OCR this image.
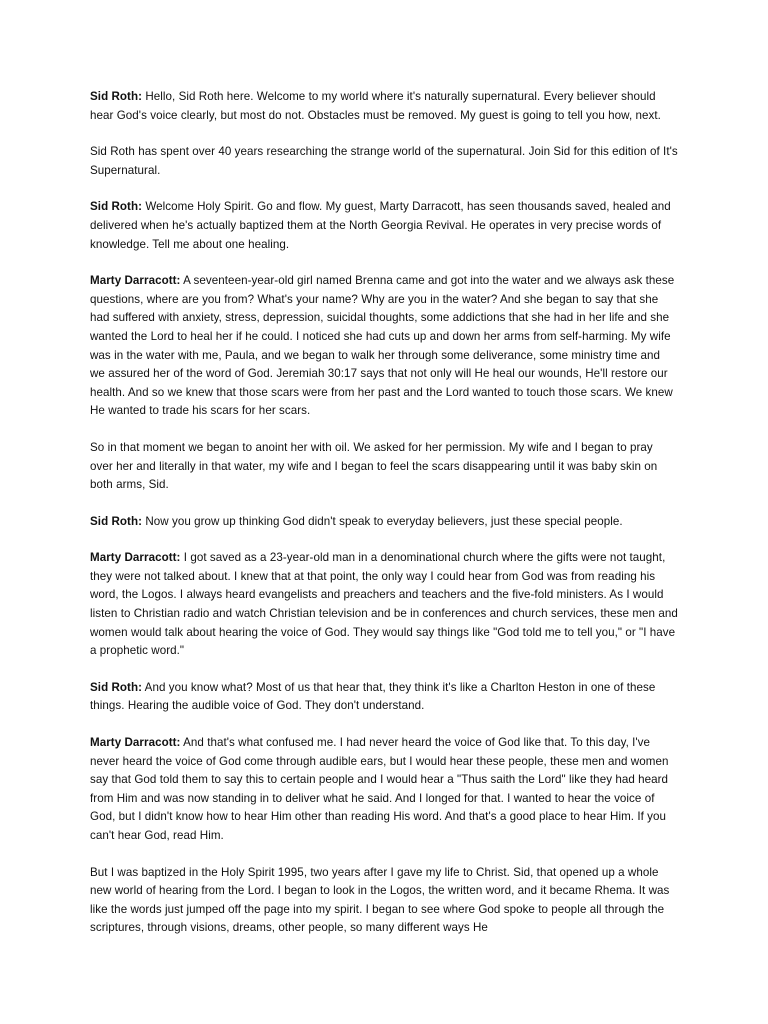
Sid Roth: Hello, Sid Roth here. Welcome to my world where it's naturally supernatural. Every believer should hear God's voice clearly, but most do not. Obstacles must be removed. My guest is going to tell you how, next.

Sid Roth has spent over 40 years researching the strange world of the supernatural. Join Sid for this edition of It's Supernatural.

Sid Roth: Welcome Holy Spirit. Go and flow. My guest, Marty Darracott, has seen thousands saved, healed and delivered when he's actually baptized them at the North Georgia Revival. He operates in very precise words of knowledge. Tell me about one healing.

Marty Darracott: A seventeen-year-old girl named Brenna came and got into the water and we always ask these questions, where are you from? What's your name? Why are you in the water? And she began to say that she had suffered with anxiety, stress, depression, suicidal thoughts, some addictions that she had in her life and she wanted the Lord to heal her if he could. I noticed she had cuts up and down her arms from self-harming. My wife was in the water with me, Paula, and we began to walk her through some deliverance, some ministry time and we assured her of the word of God. Jeremiah 30:17 says that not only will He heal our wounds, He'll restore our health. And so we knew that those scars were from her past and the Lord wanted to touch those scars. We knew He wanted to trade his scars for her scars.

So in that moment we began to anoint her with oil. We asked for her permission. My wife and I began to pray over her and literally in that water, my wife and I began to feel the scars disappearing until it was baby skin on both arms, Sid.

Sid Roth: Now you grow up thinking God didn't speak to everyday believers, just these special people.

Marty Darracott: I got saved as a 23-year-old man in a denominational church where the gifts were not taught, they were not talked about. I knew that at that point, the only way I could hear from God was from reading his word, the Logos. I always heard evangelists and preachers and teachers and the five-fold ministers. As I would listen to Christian radio and watch Christian television and be in conferences and church services, these men and women would talk about hearing the voice of God. They would say things like "God told me to tell you," or "I have a prophetic word."

Sid Roth: And you know what? Most of us that hear that, they think it's like a Charlton Heston in one of these things. Hearing the audible voice of God. They don't understand.

Marty Darracott: And that's what confused me. I had never heard the voice of God like that. To this day, I've never heard the voice of God come through audible ears, but I would hear these people, these men and women say that God told them to say this to certain people and I would hear a "Thus saith the Lord" like they had heard from Him and was now standing in to deliver what he said. And I longed for that. I wanted to hear the voice of God, but I didn't know how to hear Him other than reading His word. And that's a good place to hear Him. If you can't hear God, read Him.

But I was baptized in the Holy Spirit 1995, two years after I gave my life to Christ. Sid, that opened up a whole new world of hearing from the Lord. I began to look in the Logos, the written word, and it became Rhema. It was like the words just jumped off the page into my spirit. I began to see where God spoke to people all through the scriptures, through visions, dreams, other people, so many different ways He
